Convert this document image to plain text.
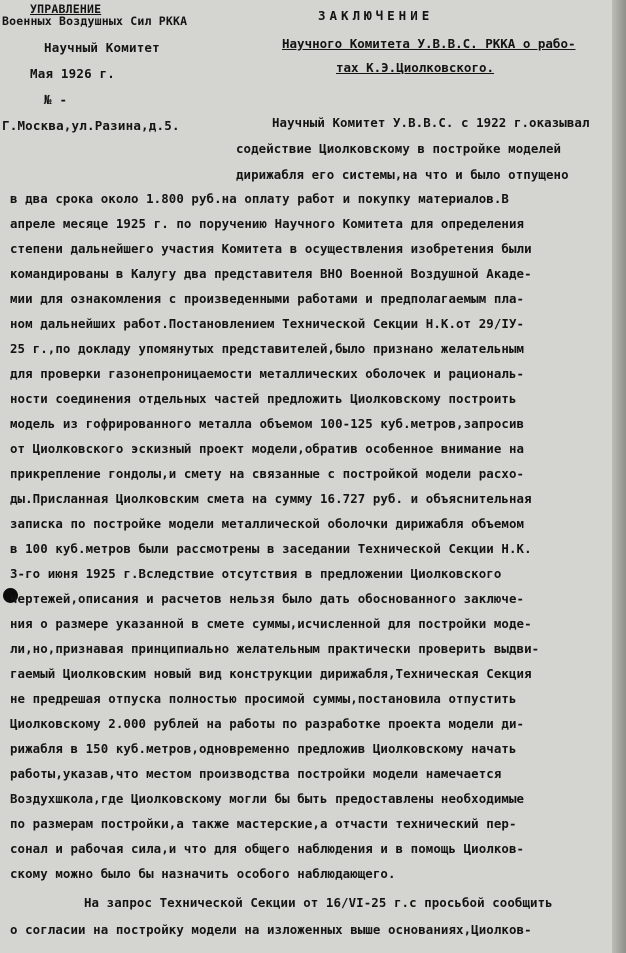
УПРАВЛЕНИЕ
Военных Воздушных Сил РККА
Научный Комитет
Мая 1926 г.
№ -
Г.Москва,ул.Разина,д.5.
ЗАКЛЮЧЕНИЕ
Научного Комитета У.В.В.С. РККА о рабо-
тах К.Э.Циолковского.
Научный Комитет У.В.В.С. с 1922 г.оказывал
содействие Циолковскому в постройке моделей
дирижабля его системы,на что и было отпущено
в два срока около 1.800 руб.на оплату работ и покупку материалов.В
апреле месяце 1925 г. по поручению Научного Комитета для определения
степени дальнейшего участия Комитета в осуществления изобретения были
командированы в Калугу два представителя ВНО Военной Воздушной Акаде-
мии для ознакомления с произведенными работами и предполагаемым пла-
ном дальнейших работ.Постановлением Технической Секции Н.К.от 29/IУ-
25 г.,по докладу упомянутых представителей,было признано желательным
для проверки газонепроницаемости металлических оболочек и рациональ-
ности соединения отдельных частей предложить Циолковскому построить
модель из гофрированного металла объемом 100-125 куб.метров,запросив
от Циолковского эскизный проект модели,обратив особенное внимание на
прикрепление гондолы,и смету на связанные с постройкой модели расхо-
ды.Присланная Циолковским смета на сумму 16.727 руб. и объяснительная
записка по постройке модели металлической оболочки дирижабля объемом
в 100 куб.метров были рассмотрены в заседании Технической Секции Н.К.
3-го июня 1925 г.Вследствие отсутствия в предложении Циолковского
чертежей,описания и расчетов нельзя было дать обоснованного заключе-
ния о размере указанной в смете суммы,исчисленной для постройки моде-
ли,но,признавая принципиально желательным практически проверить выдви-
гаемый Циолковским новый вид конструкции дирижабля,Техническая Секция
не предрешая отпуска полностью просимой суммы,постановила отпустить
Циолковскому 2.000 рублей на работы по разработке проекта модели ди-
рижабля в 150 куб.метров,одновременно предложив Циолковскому начать
работы,указав,что местом производства постройки модели намечается
Воздухшкола,где Циолковскому могли бы быть предоставлены необходимые
по размерам постройки,а также мастерские,а отчасти технический пер-
сонал и рабочая сила,и что для общего наблюдения и в помощь Циолков-
скому можно было бы назначить особого наблюдающего.
На запрос Технической Секции от 16/VI-25 г.с просьбой сообщить
о согласии на постройку модели на изложенных выше основаниях,Циолков-
